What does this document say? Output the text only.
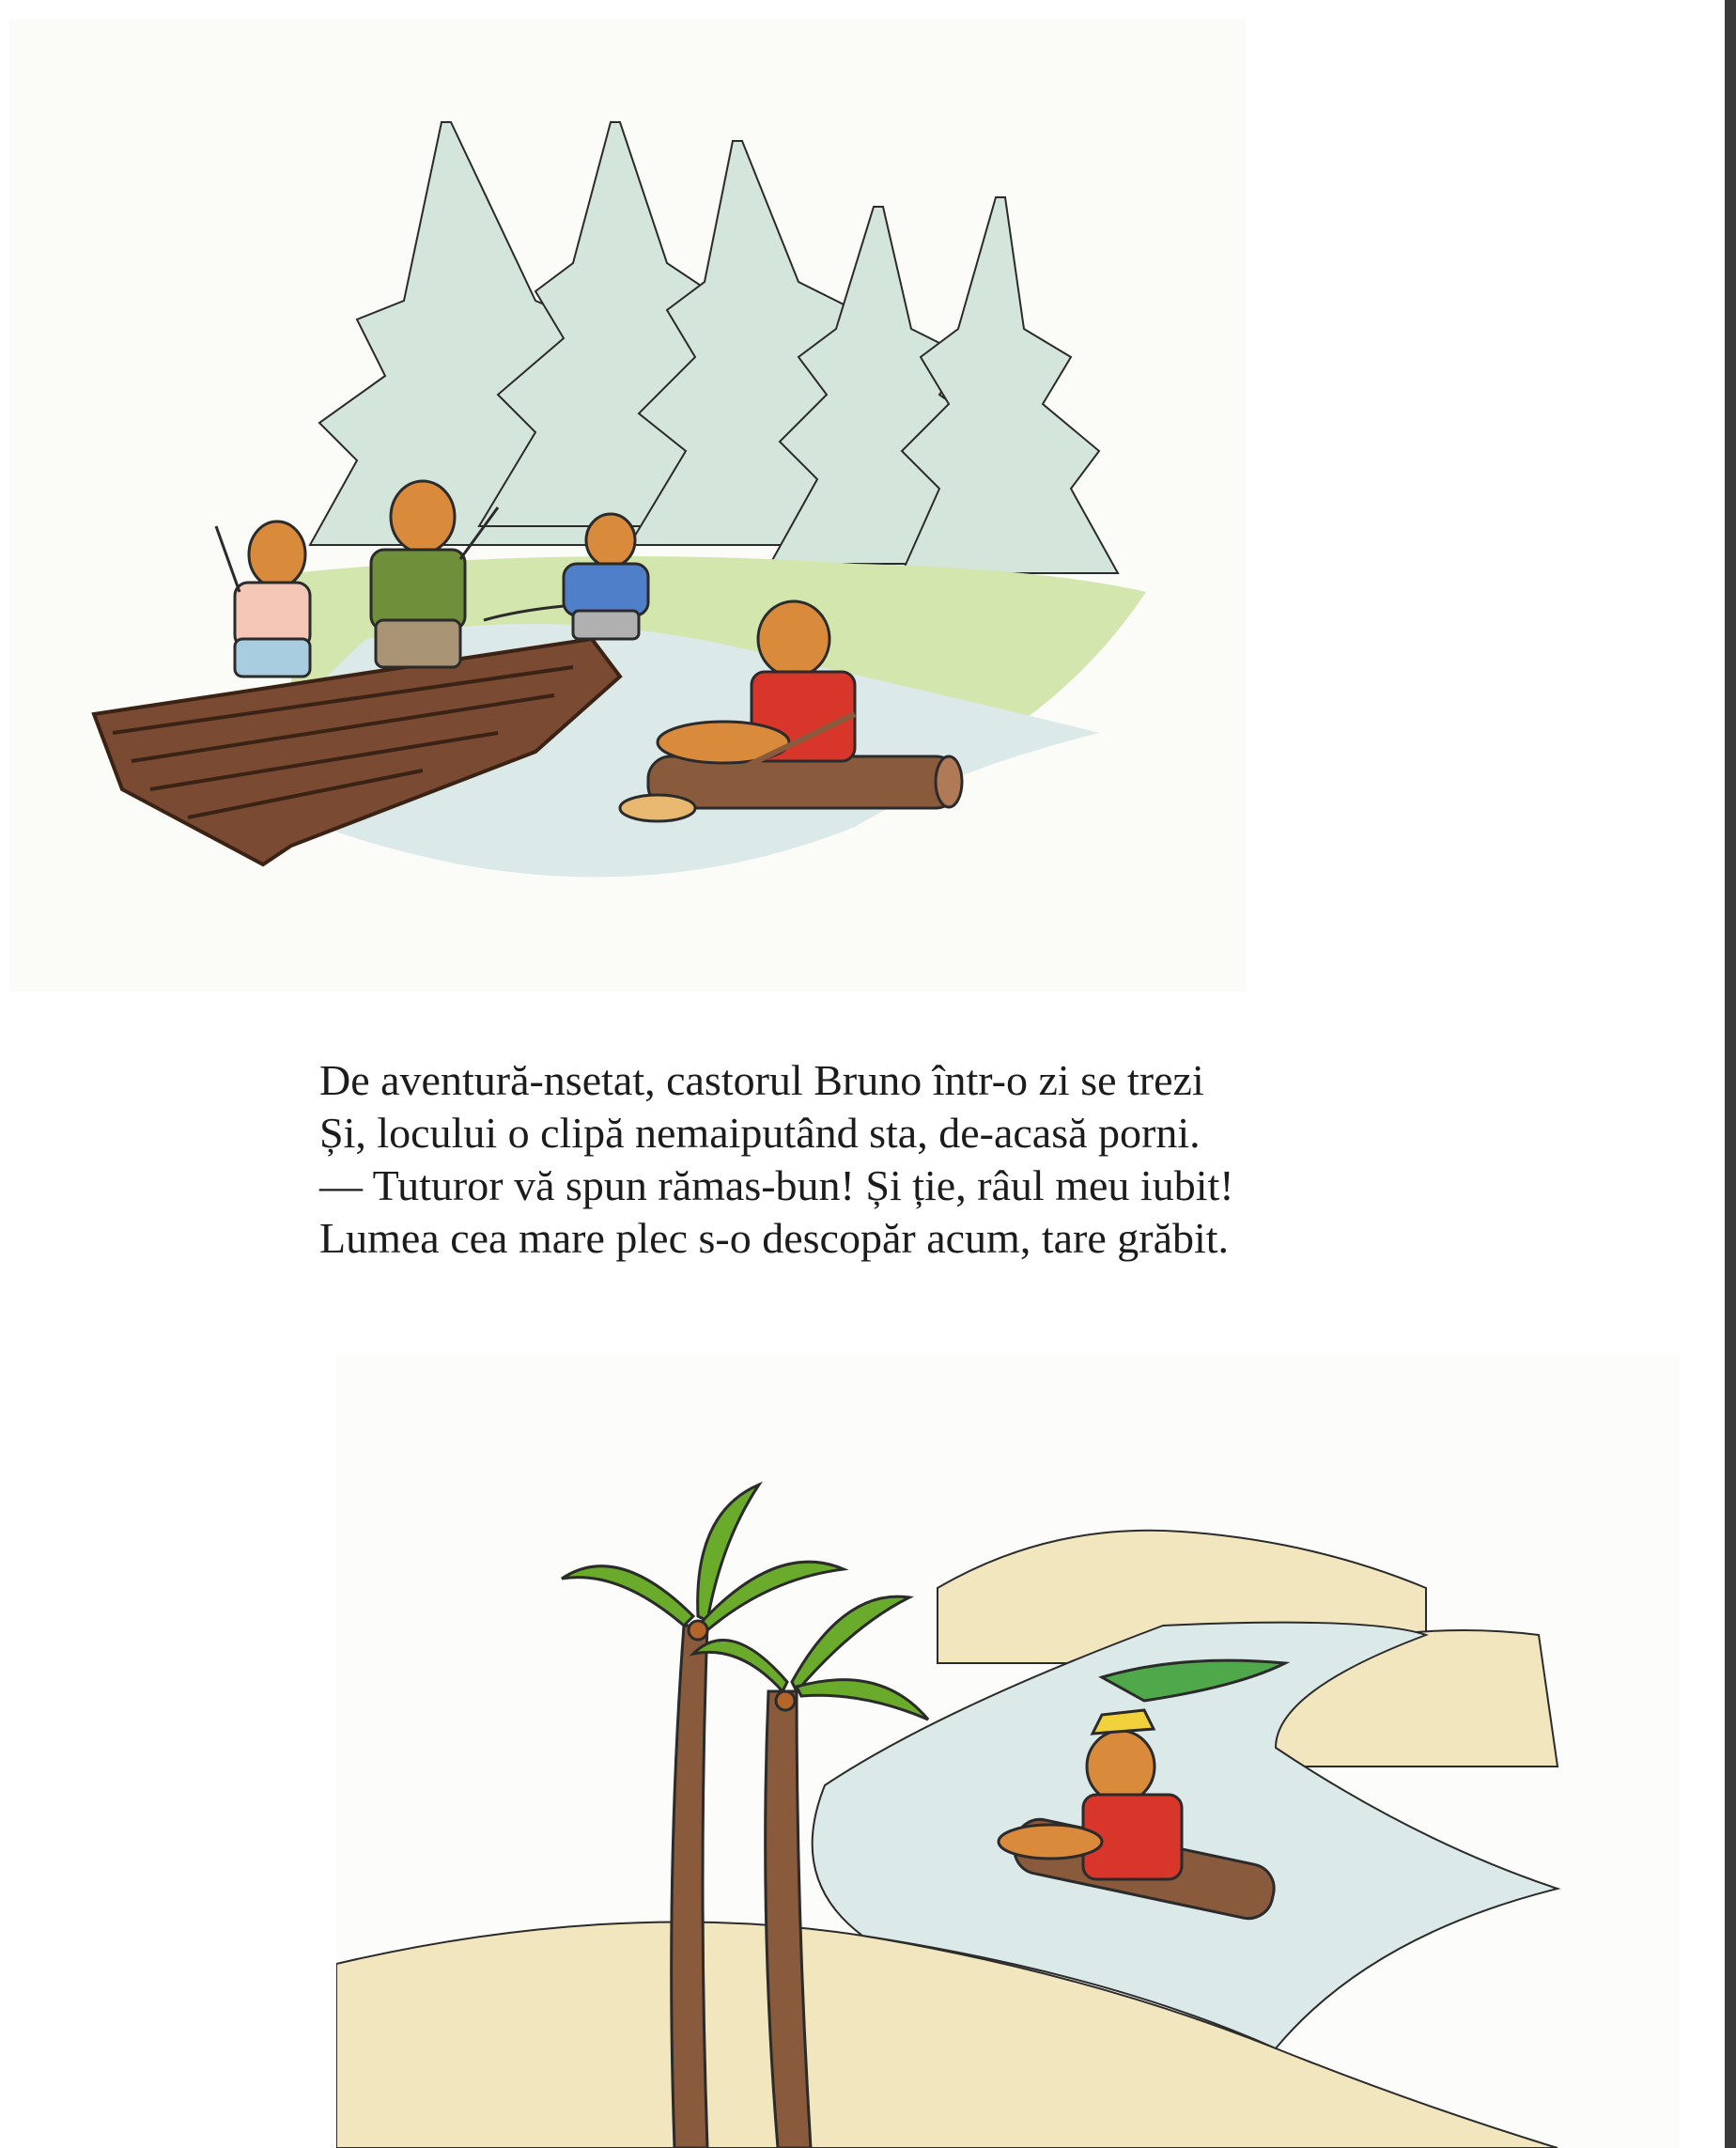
De aventură-nsetat, castorul Bruno într-o zi se trezi
Și, locului o clipă nemaiputând sta, de-acasă porni.
— Tuturor vă spun rămas-bun! Și ție, râul meu iubit!
Lumea cea mare plec s-o descopăr acum, tare grăbit.
